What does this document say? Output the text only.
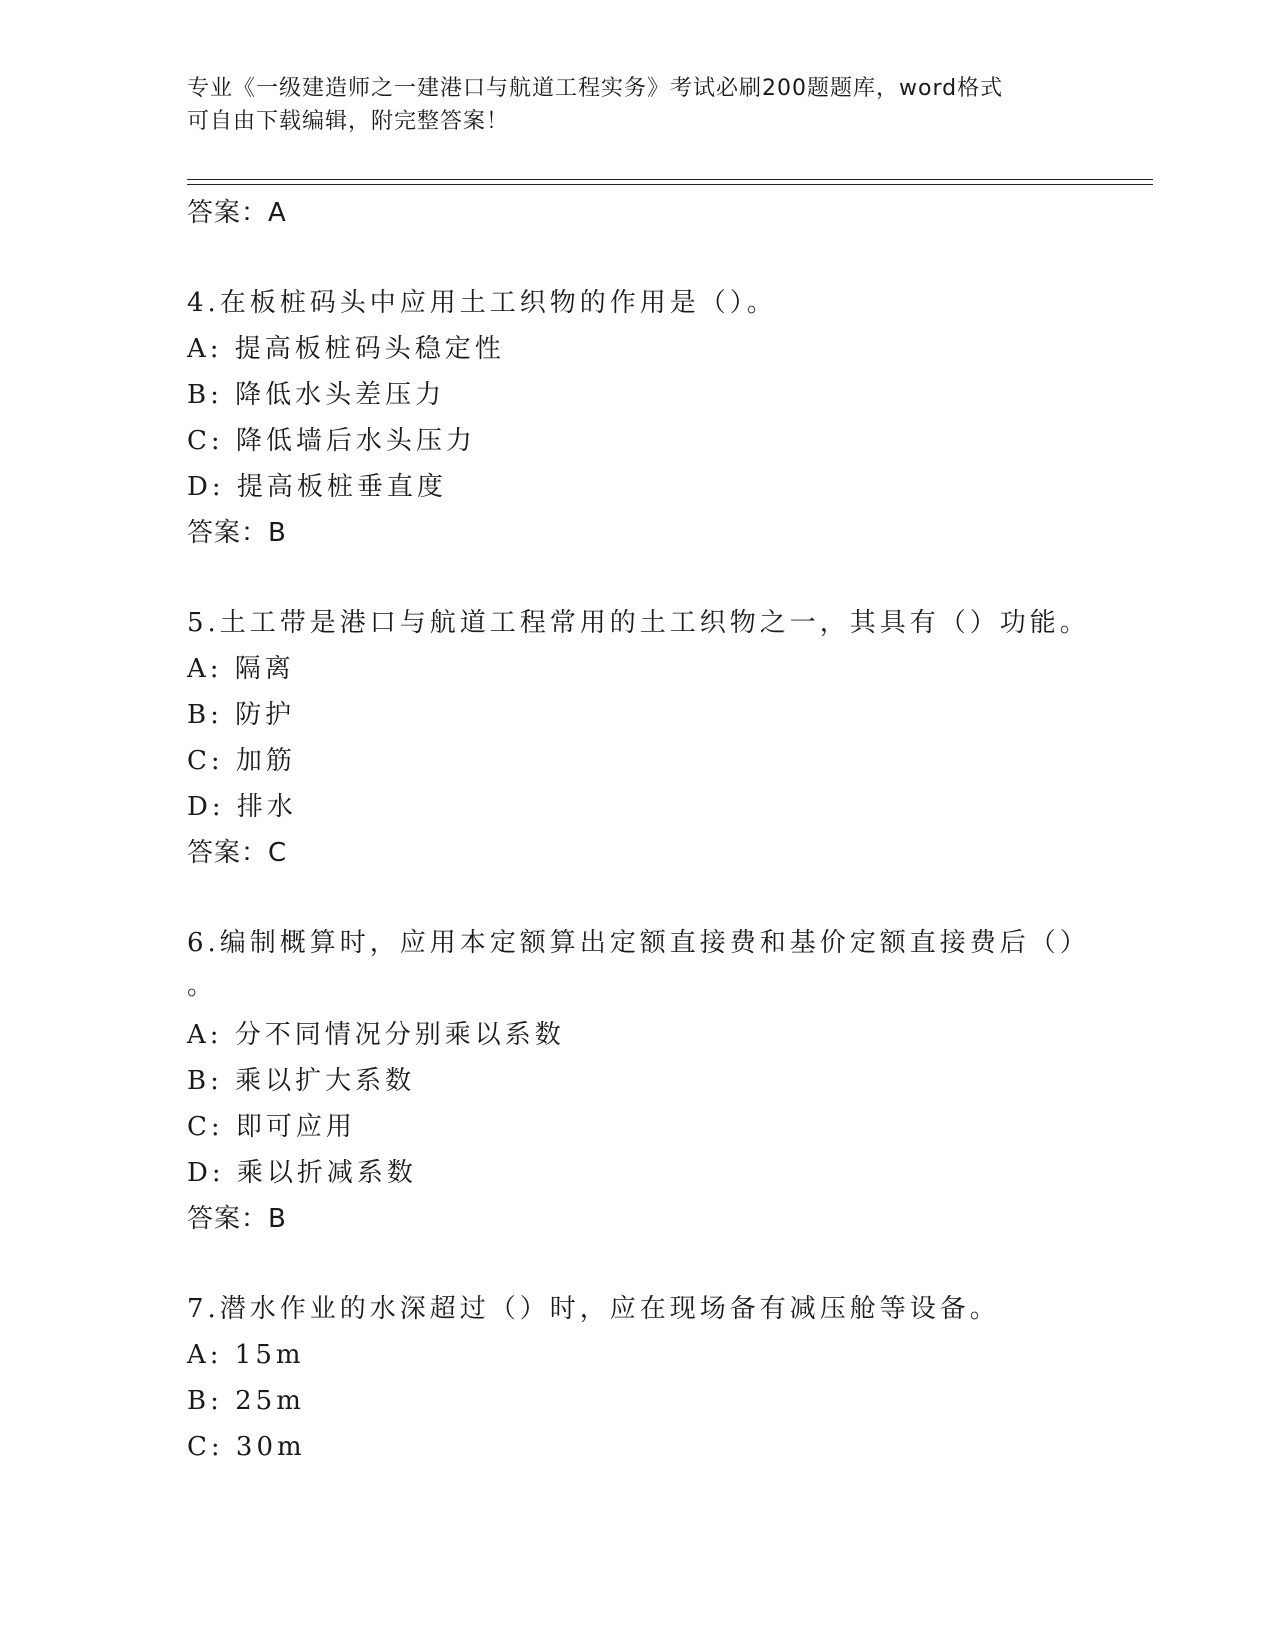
专业《一级建造师之一建港口与航道工程实务》考试必刷200题题库，word格式
可自由下载编辑，附完整答案！
答案：A
4.在板桩码头中应用土工织物的作用是（）。
A: 提高板桩码头稳定性
B: 降低水头差压力
C: 降低墙后水头压力
D: 提高板桩垂直度
答案：B
5.土工带是港口与航道工程常用的土工织物之一，其具有（）功能。
A: 隔离
B: 防护
C: 加筋
D: 排水
答案：C
6.编制概算时，应用本定额算出定额直接费和基价定额直接费后（）
。
A: 分不同情况分别乘以系数
B: 乘以扩大系数
C: 即可应用
D: 乘以折减系数
答案：B
7.潜水作业的水深超过（）时，应在现场备有减压舱等设备。
A: 15m
B: 25m
C: 30m
